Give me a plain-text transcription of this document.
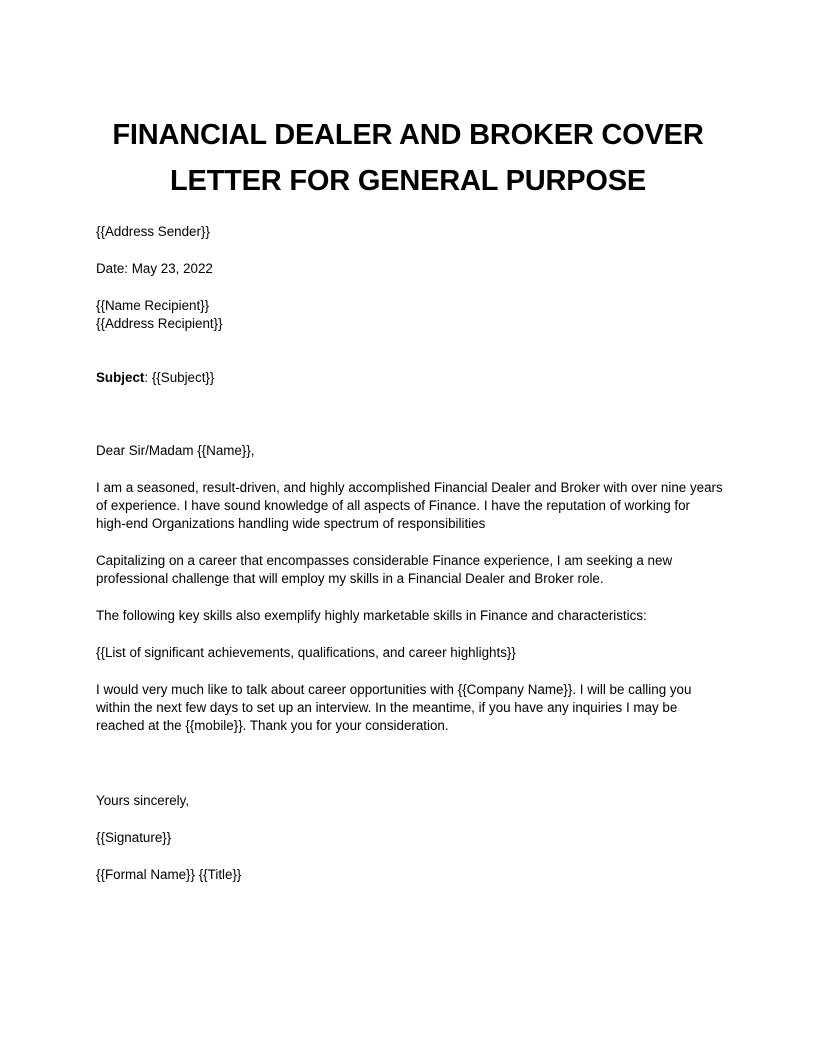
FINANCIAL DEALER AND BROKER COVER
LETTER FOR GENERAL PURPOSE
{{Address Sender}}
Date: May 23, 2022
{{Name Recipient}}
{{Address Recipient}}
Subject: {{Subject}}
Dear Sir/Madam {{Name}},
I am a seasoned, result-driven, and highly accomplished Financial Dealer and Broker with over nine years
of experience. I have sound knowledge of all aspects of Finance. I have the reputation of working for
high-end Organizations handling wide spectrum of responsibilities
Capitalizing on a career that encompasses considerable Finance experience, I am seeking a new
professional challenge that will employ my skills in a Financial Dealer and Broker role.
The following key skills also exemplify highly marketable skills in Finance and characteristics:
{{List of significant achievements, qualifications, and career highlights}}
I would very much like to talk about career opportunities with {{Company Name}}. I will be calling you
within the next few days to set up an interview. In the meantime, if you have any inquiries I may be
reached at the {{mobile}}. Thank you for your consideration.
Yours sincerely,
{{Signature}}
{{Formal Name}} {{Title}}
